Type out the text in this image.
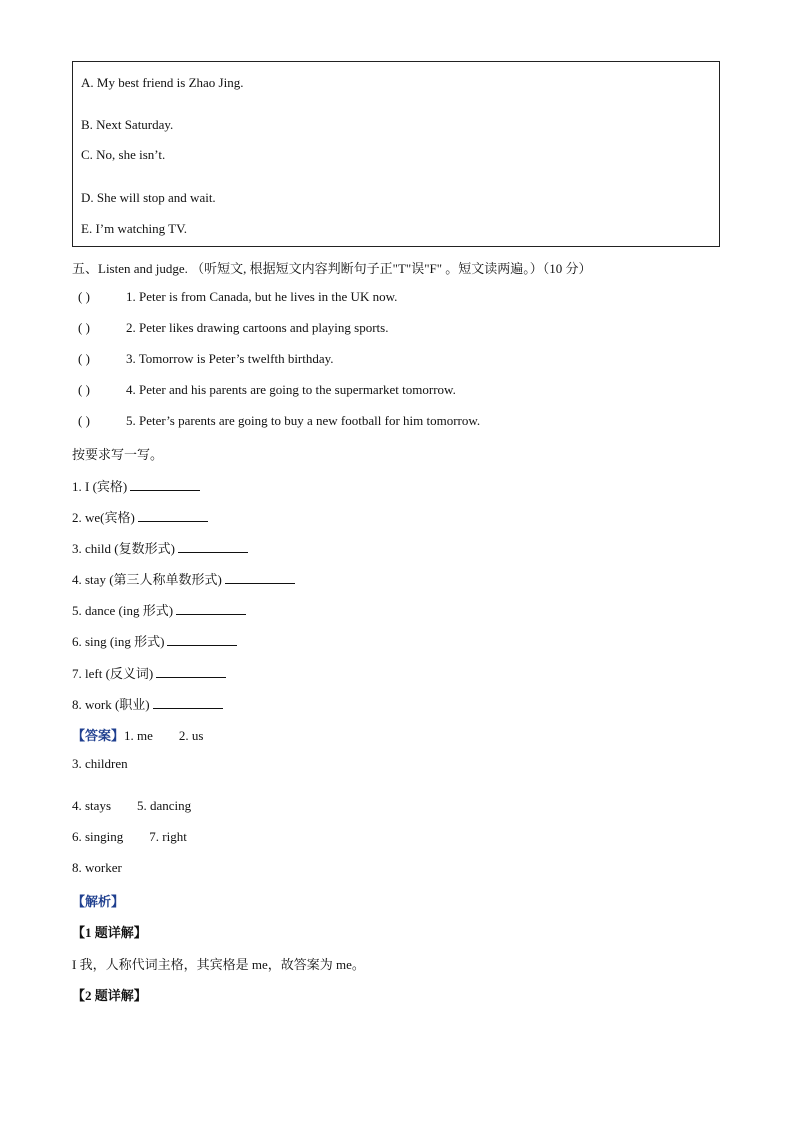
A. My best friend is Zhao Jing.
B. Next Saturday.
C. No, she isn’t.
D. She will stop and wait.
E. I’m watching TV.
五、Listen and judge. （听短文, 根据短文内容判断句子正"T"误"F" 。短文读两遍。）（10 分）
( )	1. Peter is from Canada, but he lives in the UK now.
( )	2. Peter likes drawing cartoons and playing sports.
( )	3. Tomorrow is Peter’s twelfth birthday.
( )	4. Peter and his parents are going to the supermarket tomorrow.
( )	5. Peter’s parents are going to buy a new football for him tomorrow.
按要求写一写。
1. I (宾格)
2. we(宾格)
3. child (复数形式)
4. stay (第三人称单数形式)
5. dance (ing 形式)
6. sing (ing 形式)
7. left (反义词)
8. work (职业)
【答案】1. me 2. us
3. children
4. stays 5. dancing
6. singing 7. right
8. worker
【解析】
【1 题详解】
I 我，人称代词主格，其宾格是 me，故答案为 me。
【2 题详解】
